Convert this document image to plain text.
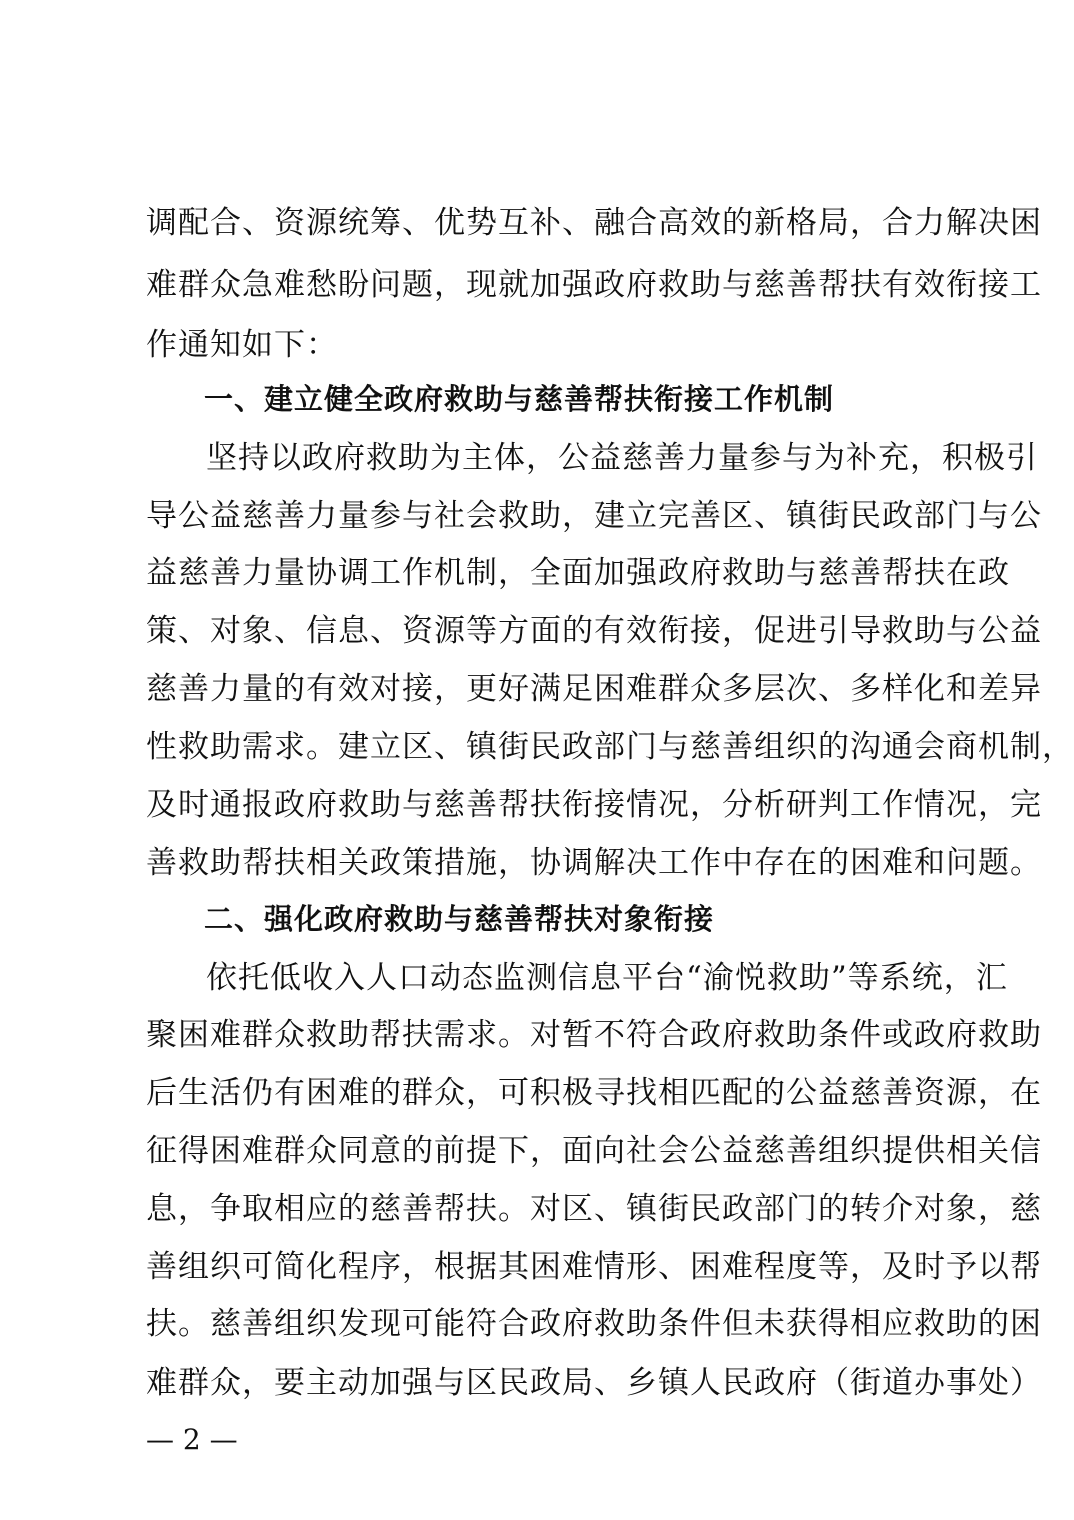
调配合、资源统筹、优势互补、融合高效的新格局，合力解决困
难群众急难愁盼问题，现就加强政府救助与慈善帮扶有效衔接工
作通知如下：
一、建立健全政府救助与慈善帮扶衔接工作机制
坚持以政府救助为主体，公益慈善力量参与为补充，积极引
导公益慈善力量参与社会救助，建立完善区、镇街民政部门与公
益慈善力量协调工作机制，全面加强政府救助与慈善帮扶在政
策、对象、信息、资源等方面的有效衔接，促进引导救助与公益
慈善力量的有效对接，更好满足困难群众多层次、多样化和差异
性救助需求。建立区、镇街民政部门与慈善组织的沟通会商机制，
及时通报政府救助与慈善帮扶衔接情况，分析研判工作情况，完
善救助帮扶相关政策措施，协调解决工作中存在的困难和问题。
二、强化政府救助与慈善帮扶对象衔接
依托低收入人口动态监测信息平台“渝悦救助”等系统，汇
聚困难群众救助帮扶需求。对暂不符合政府救助条件或政府救助
后生活仍有困难的群众，可积极寻找相匹配的公益慈善资源，在
征得困难群众同意的前提下，面向社会公益慈善组织提供相关信
息，争取相应的慈善帮扶。对区、镇街民政部门的转介对象，慈
善组织可简化程序，根据其困难情形、困难程度等，及时予以帮
扶。慈善组织发现可能符合政府救助条件但未获得相应救助的困
难群众，要主动加强与区民政局、乡镇人民政府（街道办事处）
— 2 —
